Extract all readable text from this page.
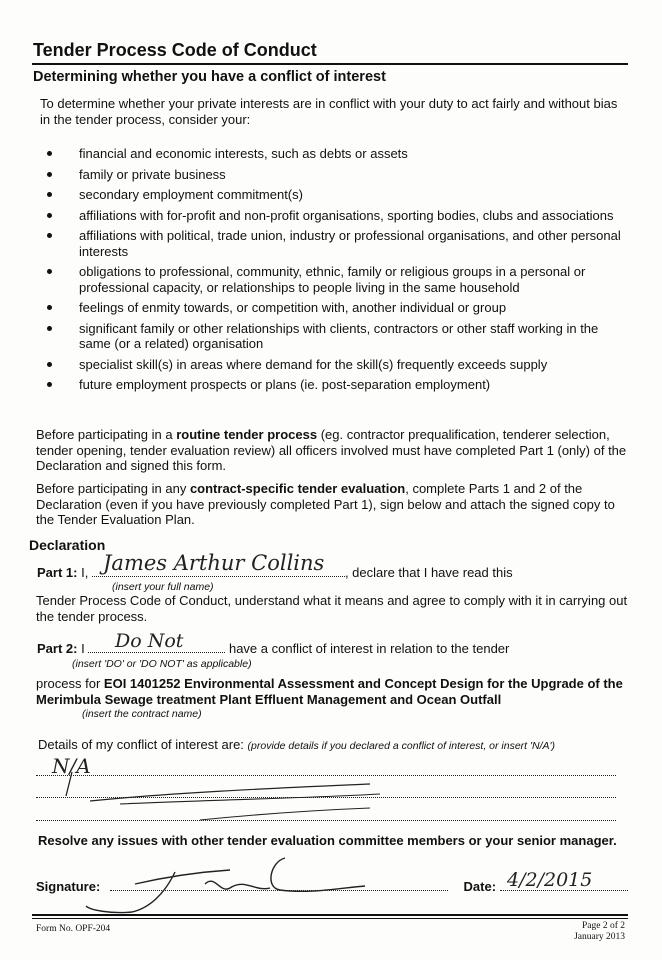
Tender Process Code of Conduct
Determining whether you have a conflict of interest

To determine whether your private interests are in conflict with your duty to act fairly and without bias in the tender process, consider your:

financial and economic interests, such as debts or assets
family or private business
secondary employment commitment(s)
affiliations with for-profit and non-profit organisations, sporting bodies, clubs and associations
affiliations with political, trade union, industry or professional organisations, and other personal interests
obligations to professional, community, ethnic, family or religious groups in a personal or professional capacity, or relationships to people living in the same household
feelings of enmity towards, or competition with, another individual or group
significant family or other relationships with clients, contractors or other staff working in the same (or a related) organisation
specialist skill(s) in areas where demand for the skill(s) frequently exceeds supply
future employment prospects or plans (ie. post-separation employment)

Before participating in a routine tender process (eg. contractor prequalification, tenderer selection, tender opening, tender evaluation review) all officers involved must have completed Part 1 (only) of the Declaration and signed this form.

Before participating in any contract-specific tender evaluation, complete Parts 1 and 2 of the Declaration (even if you have previously completed Part 1), sign below and attach the signed copy to the Tender Evaluation Plan.

Declaration
Part 1: I,	, declare that I have read this
James Arthur Collins
(insert your full name)

Tender Process Code of Conduct, understand what it means and agree to comply with it in carrying out the tender process.

Part 2: I	have a conflict of interest in relation to the tender
Do Not
(insert 'DO' or 'DO NOT' as applicable)

process for EOI 1401252 Environmental Assessment and Concept Design for the Upgrade of the Merimbula Sewage treatment Plant Effluent Management and Ocean Outfall

(insert the contract name)
Details of my conflict of interest are: (provide details if you declared a conflict of interest, or insert 'N/A')
N/A

Resolve any issues with other tender evaluation committee members or your senior manager.

Signature:	Date: 4/2/2015

Form No. OPF-204	Page 2 of 2
January 2013
